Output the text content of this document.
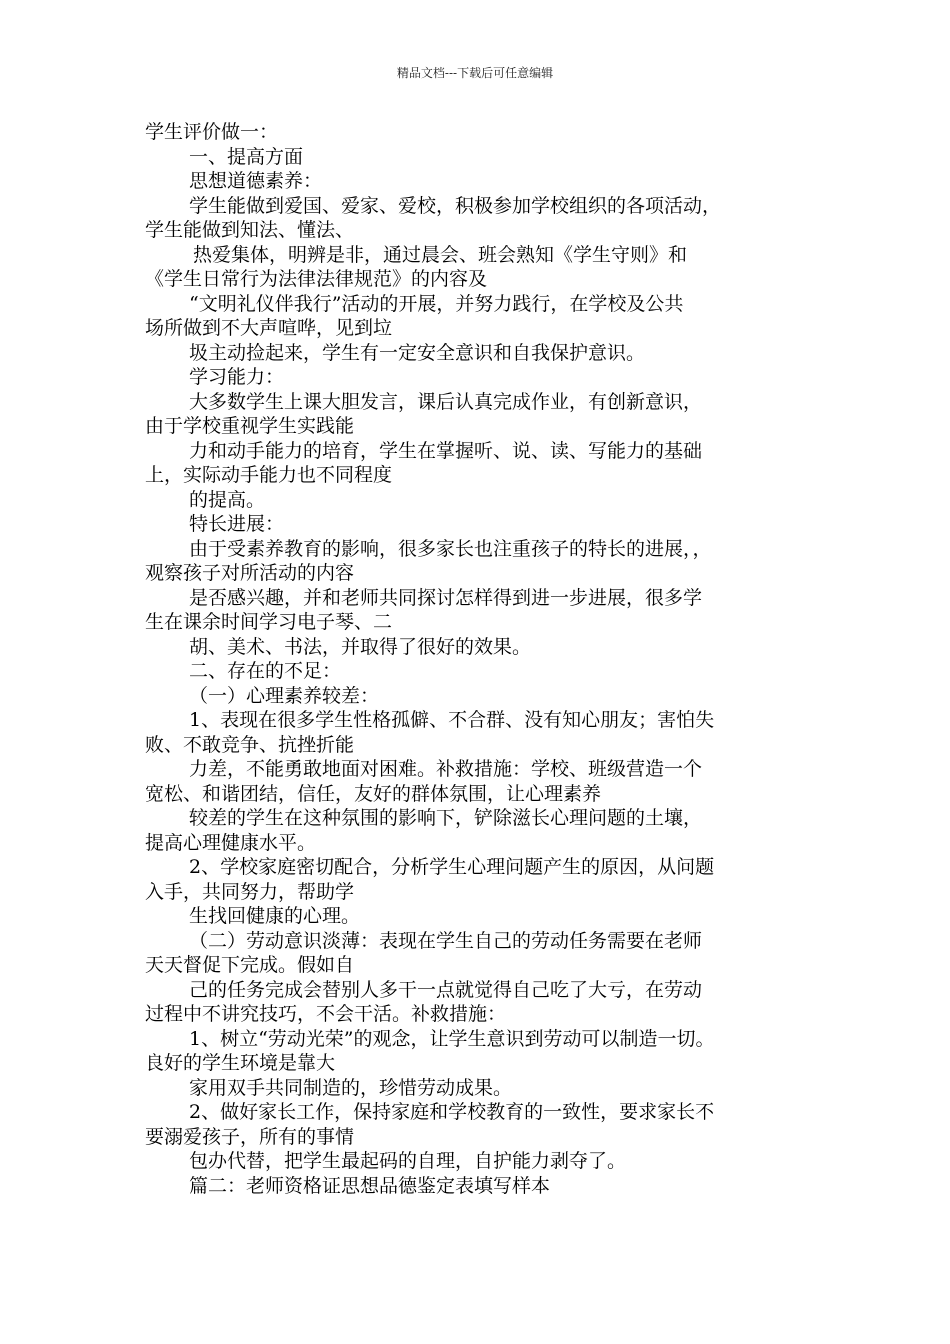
精品文档---下载后可任意编辑

学生评价做一：

一、提高方面

思想道德素养：

学生能做到爱国、爱家、爱校，积极参加学校组织的各项活动，

学生能做到知法、懂法、

热爱集体，明辨是非，通过晨会、班会熟知《学生守则》和

《学生日常行为法律法律规范》的内容及

“文明礼仪伴我行”活动的开展，并努力践行，在学校及公共

场所做到不大声喧哗，见到垃

圾主动捡起来，学生有一定安全意识和自我保护意识。

学习能力：

大多数学生上课大胆发言，课后认真完成作业，有创新意识，

由于学校重视学生实践能

力和动手能力的培育，学生在掌握听、说、读、写能力的基础

上，实际动手能力也不同程度

的提高。

特长进展：

由于受素养教育的影响，很多家长也注重孩子的特长的进展，，

观察孩子对所活动的内容

是否感兴趣，并和老师共同探讨怎样得到进一步进展，很多学

生在课余时间学习电子琴、二

胡、美术、书法，并取得了很好的效果。

二、存在的不足：

（一）心理素养较差：

1、表现在很多学生性格孤僻、不合群、没有知心朋友；害怕失

败、不敢竞争、抗挫折能

力差，不能勇敢地面对困难。补救措施：学校、班级营造一个

宽松、和谐团结，信任，友好的群体氛围，让心理素养

较差的学生在这种氛围的影响下，铲除滋长心理问题的土壤，

提高心理健康水平。

2、学校家庭密切配合，分析学生心理问题产生的原因，从问题

入手，共同努力，帮助学

生找回健康的心理。

（二）劳动意识淡薄：表现在学生自己的劳动任务需要在老师

天天督促下完成。假如自

己的任务完成会替别人多干一点就觉得自己吃了大亏，在劳动

过程中不讲究技巧，不会干活。补救措施：

1、树立“劳动光荣”的观念，让学生意识到劳动可以制造一切。

良好的学生环境是靠大

家用双手共同制造的，珍惜劳动成果。

2、做好家长工作，保持家庭和学校教育的一致性，要求家长不

要溺爱孩子，所有的事情

包办代替，把学生最起码的自理，自护能力剥夺了。

篇二：老师资格证思想品德鉴定表填写样本
